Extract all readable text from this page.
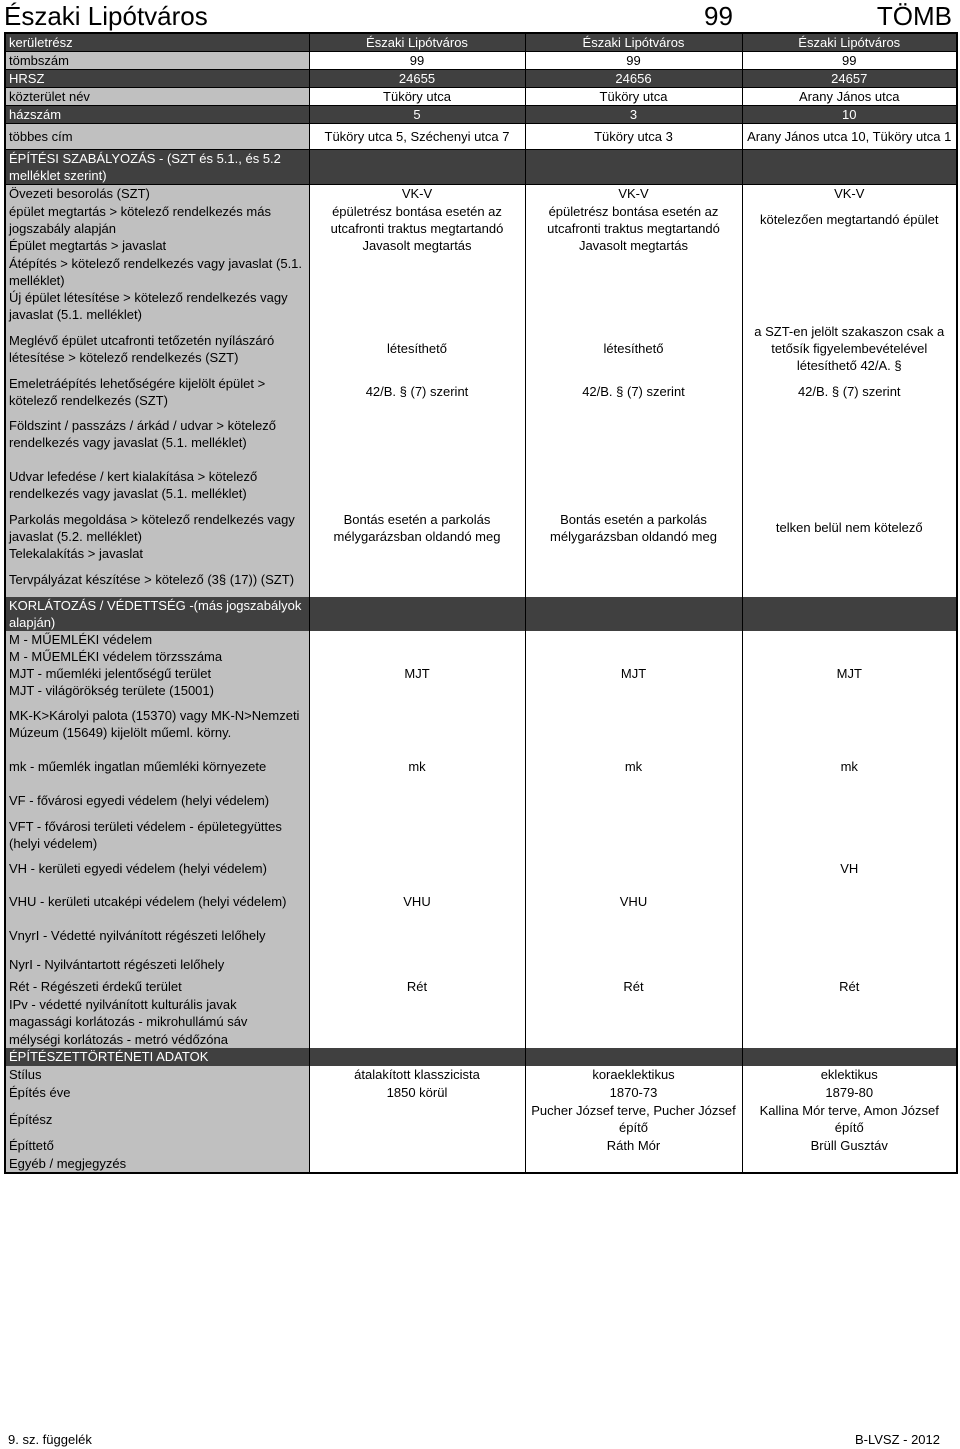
Északi Lipótváros	99	TÖMB
kerületrész	Északi Lipótváros	Északi Lipótváros	Északi Lipótváros
tömbszám	99	99	99
HRSZ	24655	24656	24657
közterület név	Tüköry utca	Tüköry utca	Arany János utca
házszám	5	3	10
többes cím	Tüköry utca 5, Széchenyi utca 7	Tüköry utca 3	Arany János utca 10, Tüköry utca 1
ÉPÍTÉSI SZABÁLYOZÁS - (SZT és 5.1., és 5.2 melléklet szerint)			
Övezeti besorolás (SZT)	VK-V	VK-V	VK-V
épület megtartás > kötelező rendelkezés más jogszabály alapján	épületrész bontása esetén az utcafronti traktus megtartandó	épületrész bontása esetén az utcafronti traktus megtartandó	kötelezően megtartandó épület
Épület megtartás > javaslat	Javasolt megtartás	Javasolt megtartás	
Átépítés > kötelező rendelkezés vagy javaslat (5.1. melléklet)			
Új épület létesítése > kötelező rendelkezés vagy javaslat (5.1. melléklet)			
Meglévő épület utcafronti tetőzetén nyílászáró létesítése > kötelező rendelkezés (SZT)	létesíthető	létesíthető	a SZT-en jelölt szakaszon csak a tetősík figyelembevételével létesíthető 42/A. §
Emeletráépítés lehetőségére kijelölt épület > kötelező rendelkezés (SZT)	42/B. § (7) szerint	42/B. § (7) szerint	42/B. § (7) szerint
Földszint / passzázs / árkád / udvar > kötelező rendelkezés vagy javaslat (5.1. melléklet)			
Udvar lefedése / kert kialakítása > kötelező rendelkezés vagy javaslat (5.1. melléklet)			
Parkolás megoldása > kötelező rendelkezés vagy javaslat (5.2. melléklet)	Bontás esetén a parkolás mélygarázsban oldandó meg	Bontás esetén a parkolás mélygarázsban oldandó meg	telken belül nem kötelező
Telekalakítás > javaslat			
Tervpályázat készítése > kötelező (3§ (17)) (SZT)			
KORLÁTOZÁS / VÉDETTSÉG -(más jogszabályok alapján)			
M - MŰEMLÉKI védelem			
M - MŰEMLÉKI védelem törzsszáma			
MJT - műemléki jelentőségű terület	MJT	MJT	MJT
MJT - világörökség területe (15001)			
MK-K>Károlyi palota (15370) vagy MK-N>Nemzeti Múzeum (15649) kijelölt műeml. körny.			
mk - műemlék ingatlan műemléki környezete	mk	mk	mk
VF - fővárosi egyedi védelem (helyi védelem)			
VFT - fővárosi területi védelem - épületegyüttes (helyi védelem)			
VH - kerületi egyedi védelem (helyi védelem)			VH
VHU - kerületi utcaképi védelem (helyi védelem)	VHU	VHU	
VnyrI - Védetté nyilvánított régészeti lelőhely			
NyrI - Nyilvántartott régészeti lelőhely			
Rét - Régészeti érdekű terület	Rét	Rét	Rét
IPv - védetté nyilvánított kulturális javak			
magassági korlátozás - mikrohullámú sáv			
mélységi korlátozás - metró védőzóna			
ÉPÍTÉSZETTÖRTÉNETI ADATOK			
Stílus	átalakított klasszicista	koraeklektikus	eklektikus
Építés éve	1850 körül	1870-73	1879-80
Építész		Pucher József terve, Pucher József építő	Kallina Mór terve, Amon József építő
Építtető		Ráth Mór	Brüll Gusztáv
Egyéb / megjegyzés			
9. sz. függelék	B-LVSZ - 2012
